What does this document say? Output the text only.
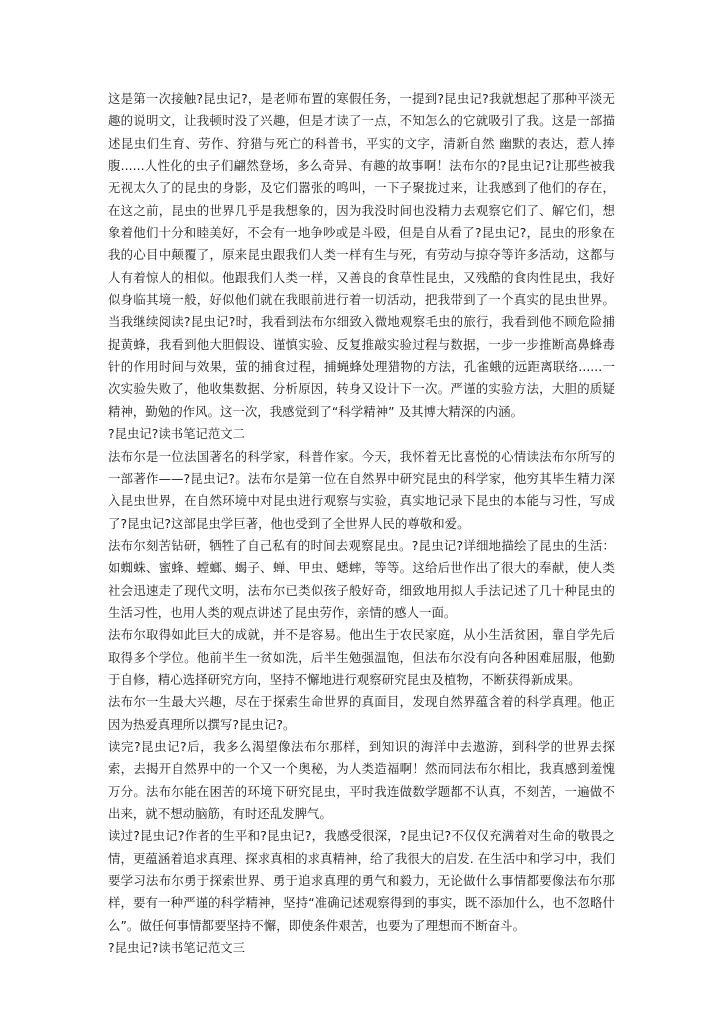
这是第一次接触?昆虫记?，是老师布置的寒假任务，一提到?昆虫记?我就想起了那种平淡无趣的说明文，让我顿时没了兴趣，但是才读了一点，不知怎么的它就吸引了我。这是一部描述昆虫们生育、劳作、狩猎与死亡的科普书，平实的文字，清新自然 幽默的表达，惹人捧腹......人性化的虫子们翩然登场，多么奇异、有趣的故事啊！法布尔的?昆虫记?让那些被我无视太久了的昆虫的身影，及它们嚣张的鸣叫，一下子聚拢过来，让我感到了他们的存在，在这之前，昆虫的世界几乎是我想象的，因为我没时间也没精力去观察它们了、解它们，想象着他们十分和睦美好，不会有一地争吵或是斗殴，但是自从看了?昆虫记?，昆虫的形象在我的心目中颠覆了，原来昆虫跟我们人类一样有生与死，有劳动与掠夺等许多活动，这都与人有着惊人的相似。他跟我们人类一样，又善良的食草性昆虫，又残酷的食肉性昆虫，我好似身临其境一般，好似他们就在我眼前进行着一切活动，把我带到了一个真实的昆虫世界。当我继续阅读?昆虫记?时，我看到法布尔细致入微地观察毛虫的旅行，我看到他不顾危险捕捉黄蜂，我看到他大胆假设、谨慎实验、反复推敲实验过程与数据，一步一步推断高鼻蜂毒针的作用时间与效果，萤的捕食过程，捕蝇蜂处理猎物的方法，孔雀蛾的远距离联络......一次实验失败了，他收集数据、分析原因，转身又设计下一次。严谨的实验方法，大胆的质疑精神，勤勉的作风。这一次，我感觉到了“科学精神” 及其博大精深的内涵。

?昆虫记?读书笔记范文二

法布尔是一位法国著名的科学家，科普作家。今天，我怀着无比喜悦的心情读法布尔所写的一部著作——?昆虫记?。法布尔是第一位在自然界中研究昆虫的科学家，他穷其毕生精力深入昆虫世界，在自然环境中对昆虫进行观察与实验，真实地记录下昆虫的本能与习性，写成了?昆虫记?这部昆虫学巨著，他也受到了全世界人民的尊敬和爱。

法布尔刻苦钻研，牺牲了自己私有的时间去观察昆虫。?昆虫记?详细地描绘了昆虫的生活：如蜘蛛、蜜蜂、螳螂、蝎子、蝉、甲虫、蟋蟀，等等。这给后世作出了很大的奉献，使人类社会迅速走了现代文明，法布尔已类似孩子般好奇，细致地用拟人手法记述了几十种昆虫的生活习性，也用人类的观点讲述了昆虫劳作，亲情的感人一面。

法布尔取得如此巨大的成就，并不是容易。他出生于农民家庭，从小生活贫困，靠自学先后取得多个学位。他前半生一贫如洗，后半生勉强温饱，但法布尔没有向各种困难屈服，他勤于自修，精心选择研究方向，坚持不懈地进行观察研究昆虫及植物，不断获得新成果。

法布尔一生最大兴趣，尽在于探索生命世界的真面目，发现自然界蕴含着的科学真理。他正因为热爱真理所以撰写?昆虫记?。

读完?昆虫记?后，我多么渴望像法布尔那样，到知识的海洋中去遨游，到科学的世界去探索，去揭开自然界中的一个又一个奥秘，为人类造福啊！然而同法布尔相比，我真感到羞愧万分。法布尔能在困苦的环境下研究昆虫，平时我连做数学题都不认真，不刻苦，一遍做不出来，就不想动脑筋，有时还乱发脾气。

读过?昆虫记?作者的生平和?昆虫记?，我感受很深，?昆虫记?不仅仅充满着对生命的敬畏之情，更蕴涵着追求真理、探求真相的求真精神，给了我很大的启发. 在生活中和学习中，我们要学习法布尔勇于探索世界、勇于追求真理的勇气和毅力，无论做什么事情都要像法布尔那样，要有一种严谨的科学精神，坚持“准确记述观察得到的事实，既不添加什么，也不忽略什么”。做任何事情都要坚持不懈，即使条件艰苦，也要为了理想而不断奋斗。

?昆虫记?读书笔记范文三
